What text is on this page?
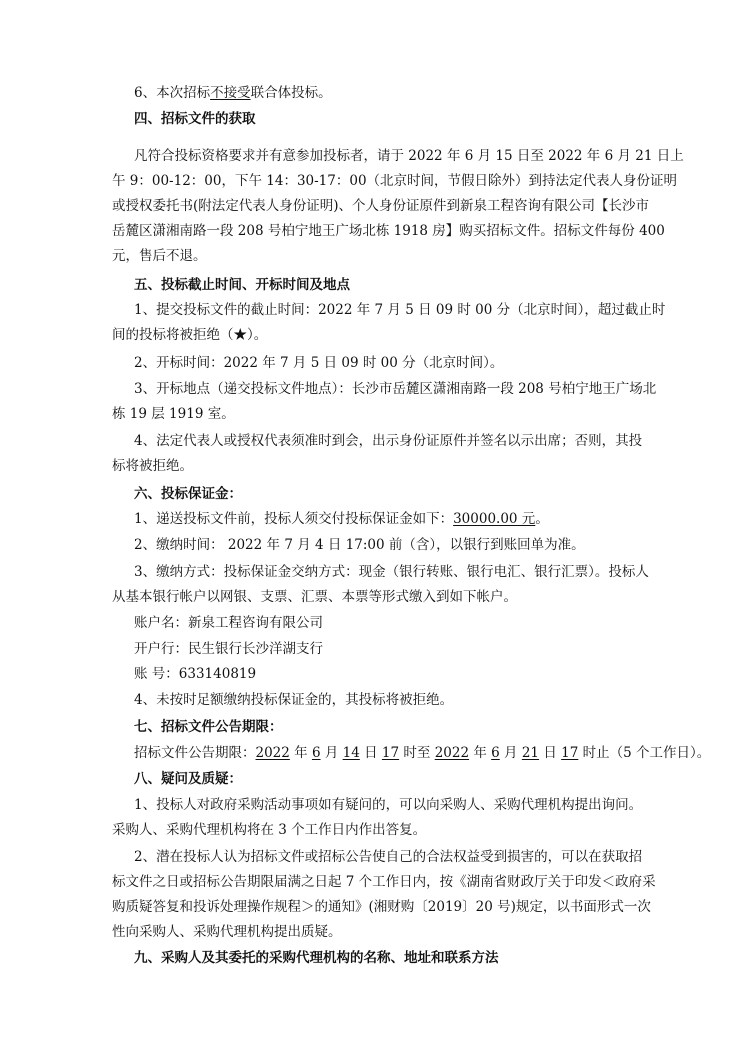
6、本次招标不接受联合体投标。
四、招标文件的获取
凡符合投标资格要求并有意参加投标者，请于 2022 年 6 月 15 日至 2022 年 6 月 21 日上
午 9：00-12：00，下午 14：30-17：00（北京时间，节假日除外）到持法定代表人身份证明
或授权委托书(附法定代表人身份证明)、个人身份证原件到新泉工程咨询有限公司【长沙市
岳麓区潇湘南路一段 208 号柏宁地王广场北栋 1918 房】购买招标文件。招标文件每份 400
元，售后不退。
五、投标截止时间、开标时间及地点
1、提交投标文件的截止时间：2022 年 7 月 5 日 09 时 00 分（北京时间），超过截止时
间的投标将被拒绝（★）。
2、开标时间：2022 年 7 月 5 日 09 时 00 分（北京时间）。
3、开标地点（递交投标文件地点）：长沙市岳麓区潇湘南路一段 208 号柏宁地王广场北
栋 19 层 1919 室。
4、法定代表人或授权代表须准时到会，出示身份证原件并签名以示出席；否则，其投
标将被拒绝。
六、投标保证金：
1、递送投标文件前，投标人须交付投标保证金如下：30000.00 元。
2、缴纳时间： 2022 年 7 月 4 日 17:00 前（含），以银行到账回单为准。
3、缴纳方式：投标保证金交纳方式：现金（银行转账、银行电汇、银行汇票）。投标人
从基本银行帐户以网银、支票、汇票、本票等形式缴入到如下帐户。
账户名：新泉工程咨询有限公司
开户行：民生银行长沙洋湖支行
账 号：633140819
4、未按时足额缴纳投标保证金的，其投标将被拒绝。
七、招标文件公告期限：
招标文件公告期限：2022 年 6 月 14 日 17 时至 2022 年 6 月 21 日 17 时止（5 个工作日）。
八、疑问及质疑：
1、投标人对政府采购活动事项如有疑问的，可以向采购人、采购代理机构提出询问。
采购人、采购代理机构将在 3 个工作日内作出答复。
2、潜在投标人认为招标文件或招标公告使自己的合法权益受到损害的，可以在获取招
标文件之日或招标公告期限届满之日起 7 个工作日内，按《湖南省财政厅关于印发＜政府采
购质疑答复和投诉处理操作规程＞的通知》(湘财购〔2019〕20 号)规定，以书面形式一次
性向采购人、采购代理机构提出质疑。
九、采购人及其委托的采购代理机构的名称、地址和联系方法
